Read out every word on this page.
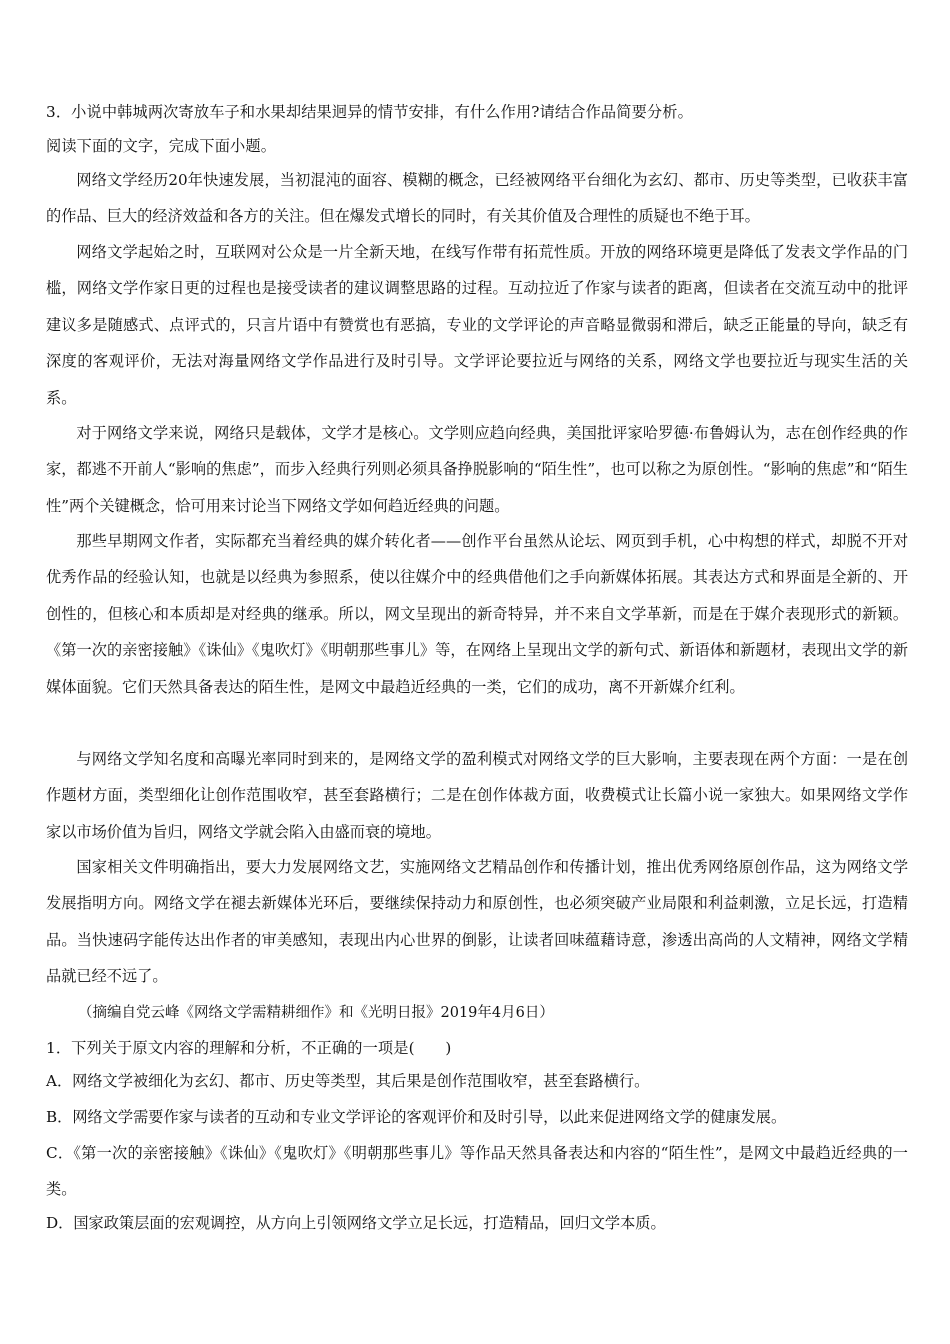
3．小说中韩城两次寄放车子和水果却结果迥异的情节安排，有什么作用?请结合作品简要分析。
阅读下面的文字，完成下面小题。

网络文学经历20年快速发展，当初混沌的面容、模糊的概念，已经被网络平台细化为玄幻、都市、历史等类型，已收获丰富的作品、巨大的经济效益和各方的关注。但在爆发式增长的同时，有关其价值及合理性的质疑也不绝于耳。

网络文学起始之时，互联网对公众是一片全新天地，在线写作带有拓荒性质。开放的网络环境更是降低了发表文学作品的门槛，网络文学作家日更的过程也是接受读者的建议调整思路的过程。互动拉近了作家与读者的距离，但读者在交流互动中的批评建议多是随感式、点评式的，只言片语中有赞赏也有恶搞，专业的文学评论的声音略显微弱和滞后，缺乏正能量的导向，缺乏有深度的客观评价，无法对海量网络文学作品进行及时引导。文学评论要拉近与网络的关系，网络文学也要拉近与现实生活的关系。

对于网络文学来说，网络只是载体，文学才是核心。文学则应趋向经典，美国批评家哈罗德·布鲁姆认为，志在创作经典的作家，都逃不开前人“影响的焦虑”，而步入经典行列则必须具备挣脱影响的“陌生性”，也可以称之为原创性。“影响的焦虑”和“陌生性”两个关键概念，恰可用来讨论当下网络文学如何趋近经典的问题。

那些早期网文作者，实际都充当着经典的媒介转化者——创作平台虽然从论坛、网页到手机，心中构想的样式，却脱不开对优秀作品的经验认知，也就是以经典为参照系，使以往媒介中的经典借他们之手向新媒体拓展。其表达方式和界面是全新的、开创性的，但核心和本质却是对经典的继承。所以，网文呈现出的新奇特异，并不来自文学革新，而是在于媒介表现形式的新颖。《第一次的亲密接触》《诛仙》《鬼吹灯》《明朝那些事儿》等，在网络上呈现出文学的新句式、新语体和新题材，表现出文学的新媒体面貌。它们天然具备表达的陌生性，是网文中最趋近经典的一类，它们的成功，离不开新媒介红利。

与网络文学知名度和高曝光率同时到来的，是网络文学的盈利模式对网络文学的巨大影响，主要表现在两个方面：一是在创作题材方面，类型细化让创作范围收窄，甚至套路横行；二是在创作体裁方面，收费模式让长篇小说一家独大。如果网络文学作家以市场价值为旨归，网络文学就会陷入由盛而衰的境地。

国家相关文件明确指出，要大力发展网络文艺，实施网络文艺精品创作和传播计划，推出优秀网络原创作品，这为网络文学发展指明方向。网络文学在褪去新媒体光环后，要继续保持动力和原创性，也必须突破产业局限和利益刺激，立足长远，打造精品。当快速码字能传达出作者的审美感知，表现出内心世界的倒影，让读者回味蕴藉诗意，渗透出高尚的人文精神，网络文学精品就已经不远了。

（摘编自党云峰《网络文学需精耕细作》和《光明日报》2019年4月6日）
1．下列关于原文内容的理解和分析，不正确的一项是(　　)

A．网络文学被细化为玄幻、都市、历史等类型，其后果是创作范围收窄，甚至套路横行。

B．网络文学需要作家与读者的互动和专业文学评论的客观评价和及时引导，以此来促进网络文学的健康发展。

C．《第一次的亲密接触》《诛仙》《鬼吹灯》《明朝那些事儿》等作品天然具备表达和内容的“陌生性”，是网文中最趋近经典的一类。

D．国家政策层面的宏观调控，从方向上引领网络文学立足长远，打造精品，回归文学本质。
